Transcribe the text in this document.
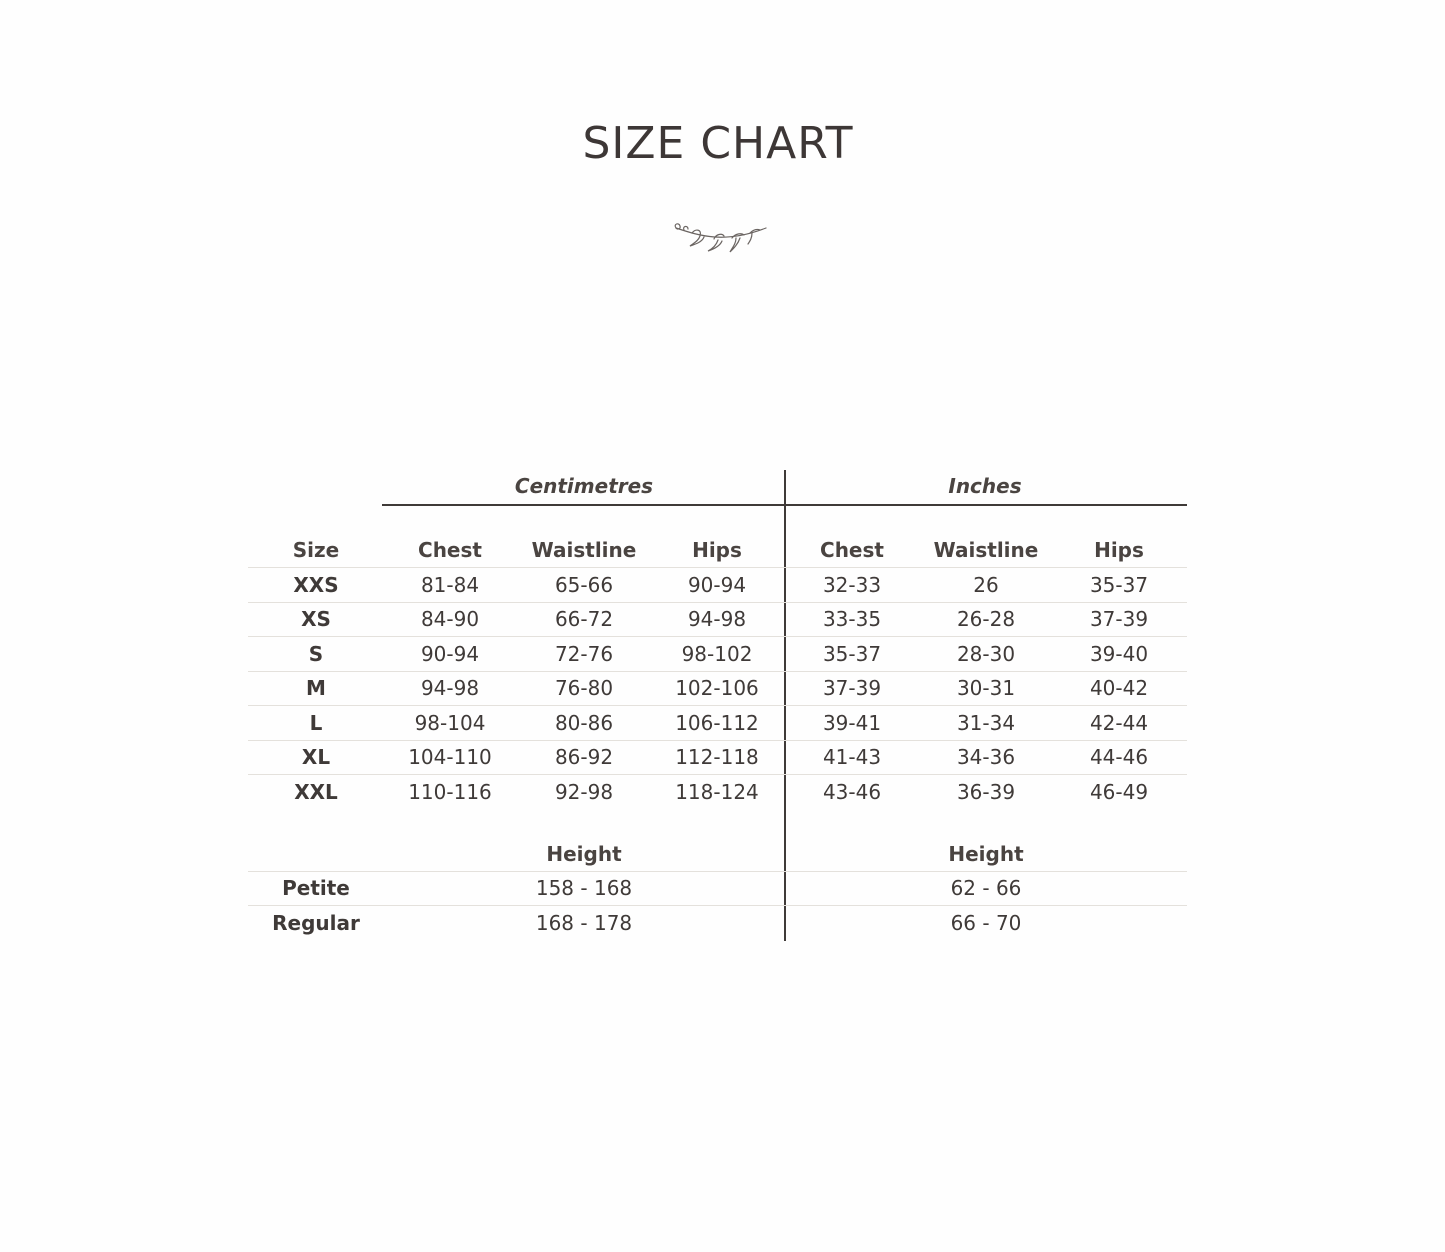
SIZE CHART
Centimetres	Inches
Size	Chest	Waistline	Hips	Chest	Waistline	Hips
XXS	81-84	65-66	90-94	32-33	26	35-37
XS	84-90	66-72	94-98	33-35	26-28	37-39
S	90-94	72-76	98-102	35-37	28-30	39-40
M	94-98	76-80	102-106	37-39	30-31	40-42
L	98-104	80-86	106-112	39-41	31-34	42-44
XL	104-110	86-92	112-118	41-43	34-36	44-46
XXL	110-116	92-98	118-124	43-46	36-39	46-49
Height	Height
Petite	158 - 168	62 - 66
Regular	168 - 178	66 - 70
